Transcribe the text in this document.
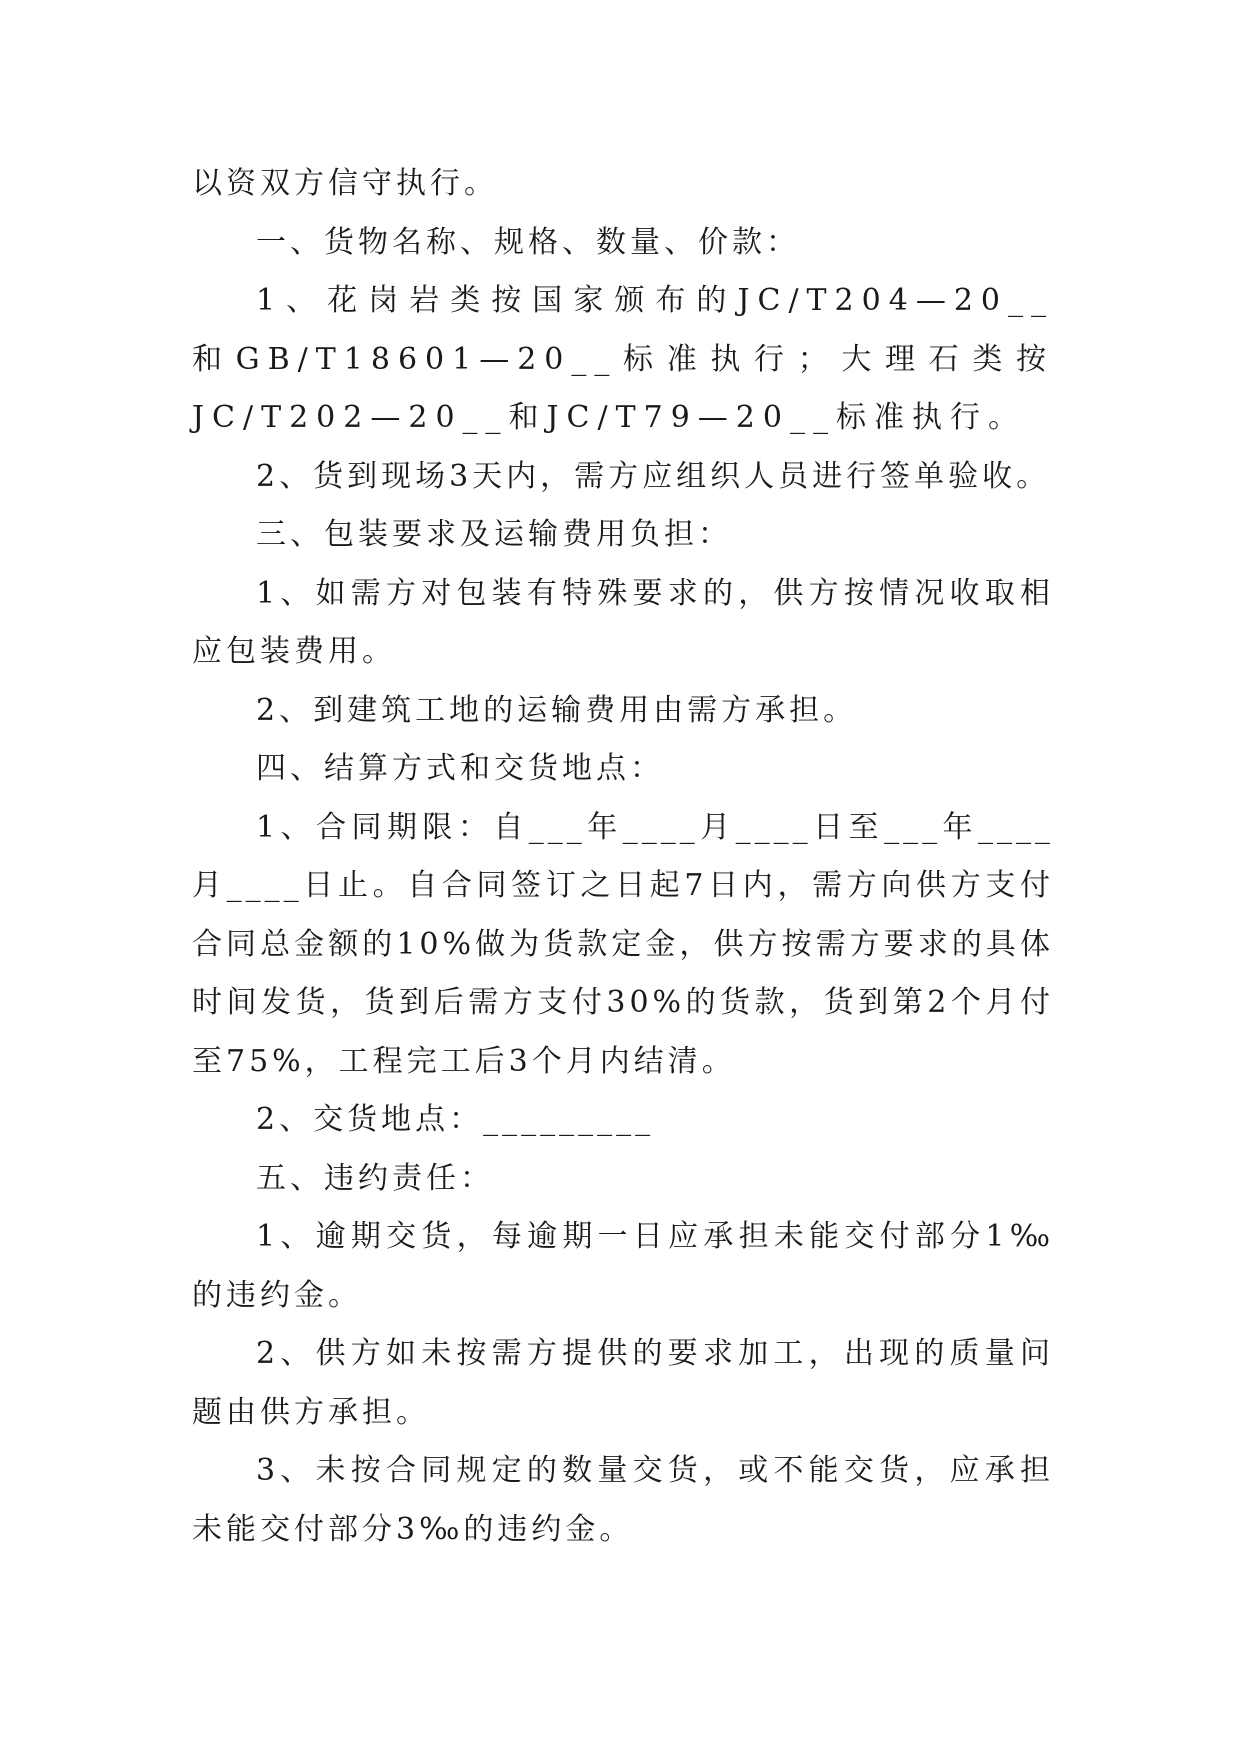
以资双方信守执行。

一、货物名称、规格、数量、价款：

1、花岗岩类按国家颁布的JC/T204—20__和GB/T18601—20__标准执行；大理石类按JC/T202—20__和JC/T79—20__标准执行。

2、货到现场3天内，需方应组织人员进行签单验收。

三、包装要求及运输费用负担：

1、如需方对包装有特殊要求的，供方按情况收取相应包装费用。

2、到建筑工地的运输费用由需方承担。

四、结算方式和交货地点：

1、合同期限：自___年____月____日至___年____月____日止。自合同签订之日起7日内，需方向供方支付合同总金额的10%做为货款定金，供方按需方要求的具体时间发货，货到后需方支付30%的货款，货到第2个月付至75%，工程完工后3个月内结清。

2、交货地点：_________

五、违约责任：

1、逾期交货，每逾期一日应承担未能交付部分1‰的违约金。

2、供方如未按需方提供的要求加工，出现的质量问题由供方承担。

3、未按合同规定的数量交货，或不能交货，应承担未能交付部分3‰的违约金。
